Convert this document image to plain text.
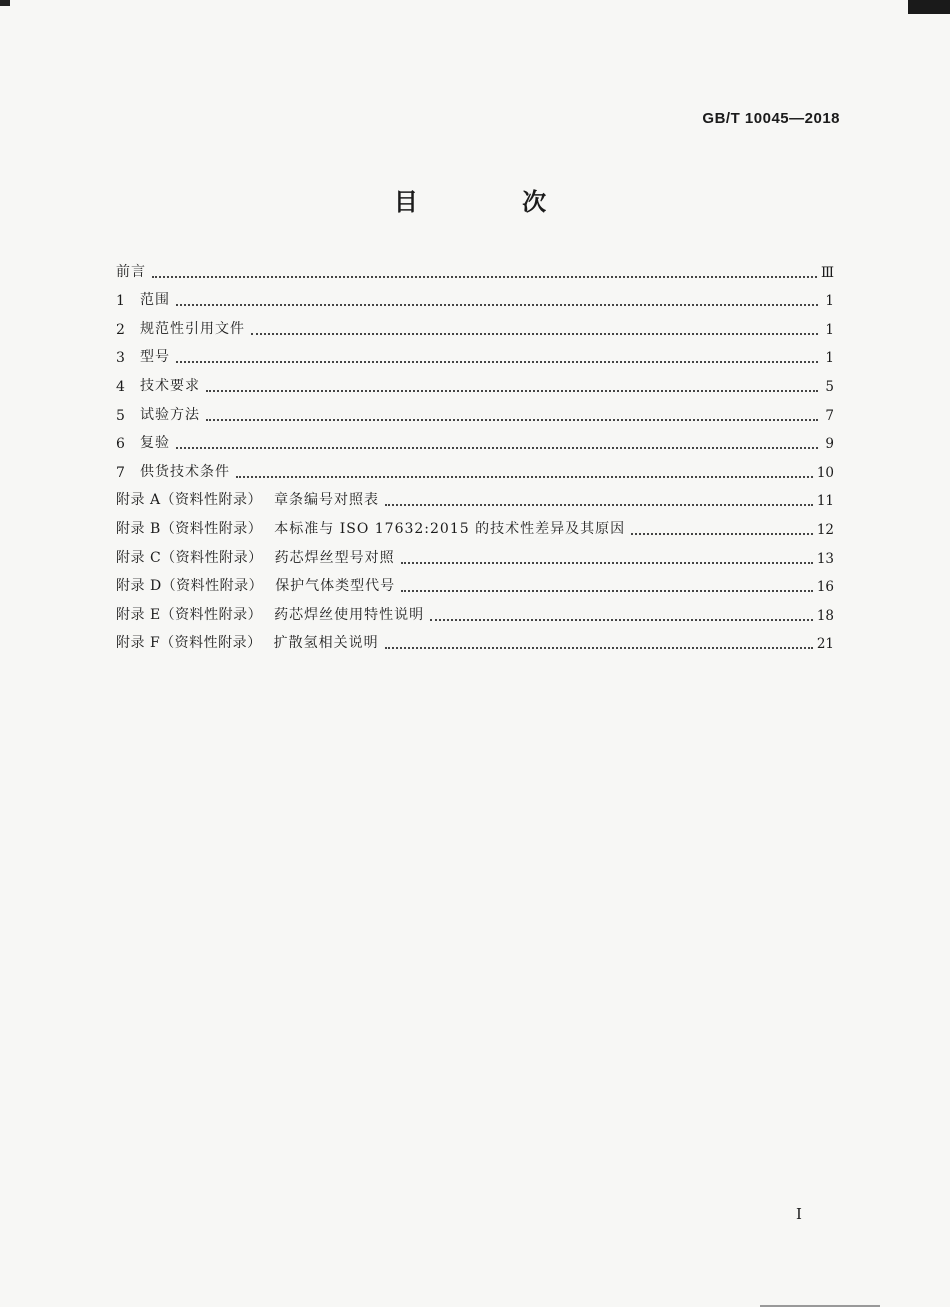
GB/T 10045—2018
目 次
前言	Ⅲ
1	范围	1
2	规范性引用文件	1
3	型号	1
4	技术要求	5
5	试验方法	7
6	复验	9
7	供货技术条件	10
附录 A（资料性附录） 章条编号对照表	11
附录 B（资料性附录） 本标准与 ISO 17632:2015 的技术性差异及其原因	12
附录 C（资料性附录） 药芯焊丝型号对照	13
附录 D（资料性附录） 保护气体类型代号	16
附录 E（资料性附录） 药芯焊丝使用特性说明	18
附录 F（资料性附录） 扩散氢相关说明	21
I
